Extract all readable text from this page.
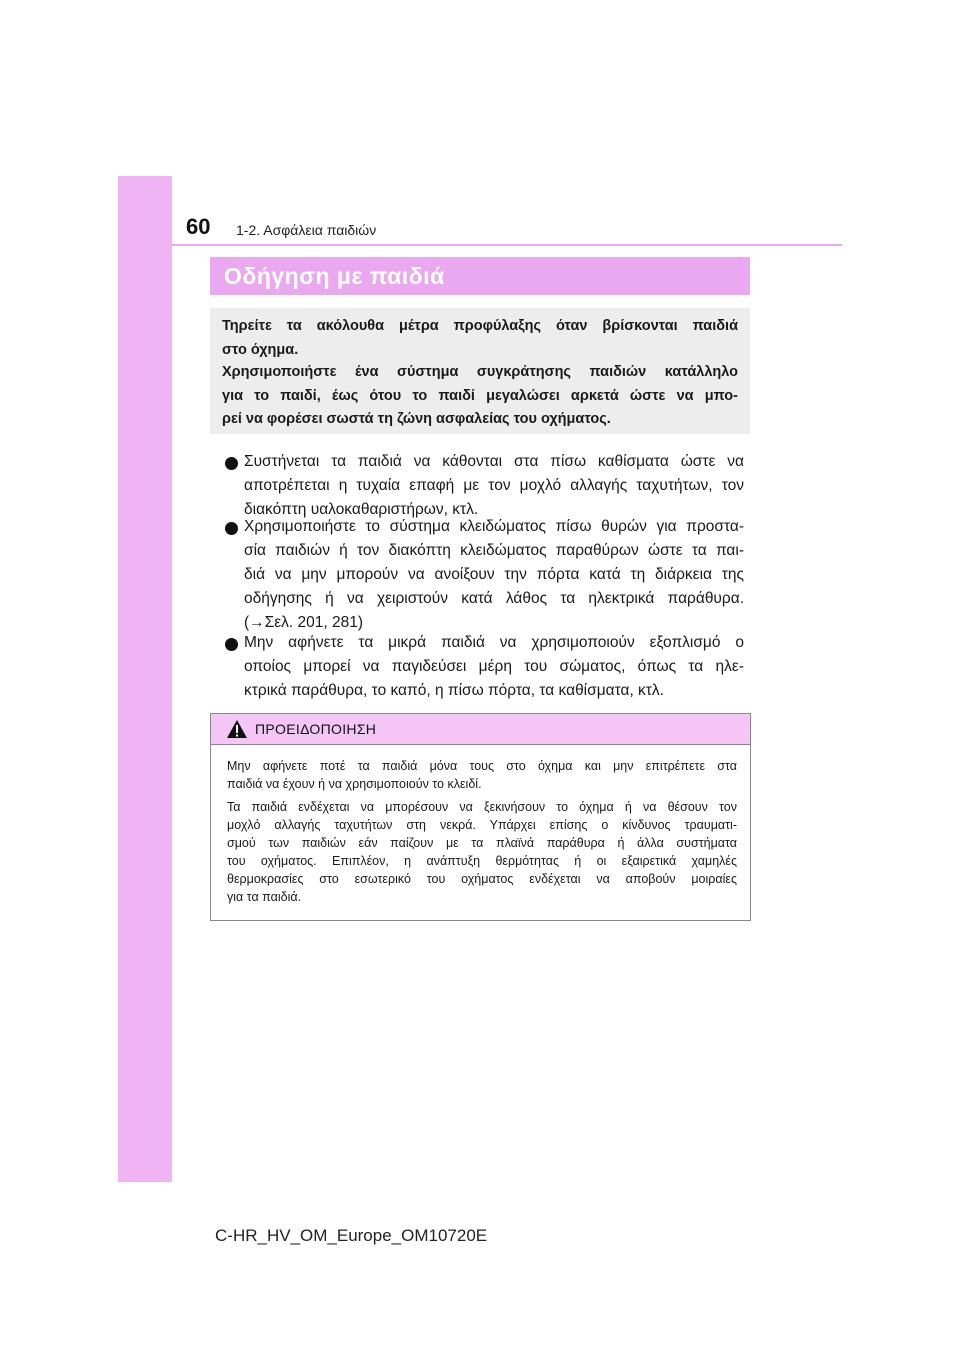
60 1-2. Ασφάλεια παιδιών
Οδήγηση με παιδιά
Τηρείτε τα ακόλουθα μέτρα προφύλαξης όταν βρίσκονται παιδιά
στο όχημα.
Χρησιμοποιήστε ένα σύστημα συγκράτησης παιδιών κατάλληλο
για το παιδί, έως ότου το παιδί μεγαλώσει αρκετά ώστε να μπο-
ρεί να φορέσει σωστά τη ζώνη ασφαλείας του οχήματος.
Συστήνεται τα παιδιά να κάθονται στα πίσω καθίσματα ώστε να
αποτρέπεται η τυχαία επαφή με τον μοχλό αλλαγής ταχυτήτων, τον
διακόπτη υαλοκαθαριστήρων, κτλ.
Χρησιμοποιήστε το σύστημα κλειδώματος πίσω θυρών για προστα-
σία παιδιών ή τον διακόπτη κλειδώματος παραθύρων ώστε τα παι-
διά να μην μπορούν να ανοίξουν την πόρτα κατά τη διάρκεια της
οδήγησης ή να χειριστούν κατά λάθος τα ηλεκτρικά παράθυρα.
(→Σελ. 201, 281)
Μην αφήνετε τα μικρά παιδιά να χρησιμοποιούν εξοπλισμό ο
οποίος μπορεί να παγιδεύσει μέρη του σώματος, όπως τα ηλε-
κτρικά παράθυρα, το καπό, η πίσω πόρτα, τα καθίσματα, κτλ.
ΠΡΟΕΙΔΟΠΟΙΗΣΗ
Μην αφήνετε ποτέ τα παιδιά μόνα τους στο όχημα και μην επιτρέπετε στα
παιδιά να έχουν ή να χρησιμοποιούν το κλειδί.
Τα παιδιά ενδέχεται να μπορέσουν να ξεκινήσουν το όχημα ή να θέσουν τον
μοχλό αλλαγής ταχυτήτων στη νεκρά. Υπάρχει επίσης ο κίνδυνος τραυματι-
σμού των παιδιών εάν παίζουν με τα πλαϊνά παράθυρα ή άλλα συστήματα
του οχήματος. Επιπλέον, η ανάπτυξη θερμότητας ή οι εξαιρετικά χαμηλές
θερμοκρασίες στο εσωτερικό του οχήματος ενδέχεται να αποβούν μοιραίες
για τα παιδιά.
C-HR_HV_OM_Europe_OM10720E
